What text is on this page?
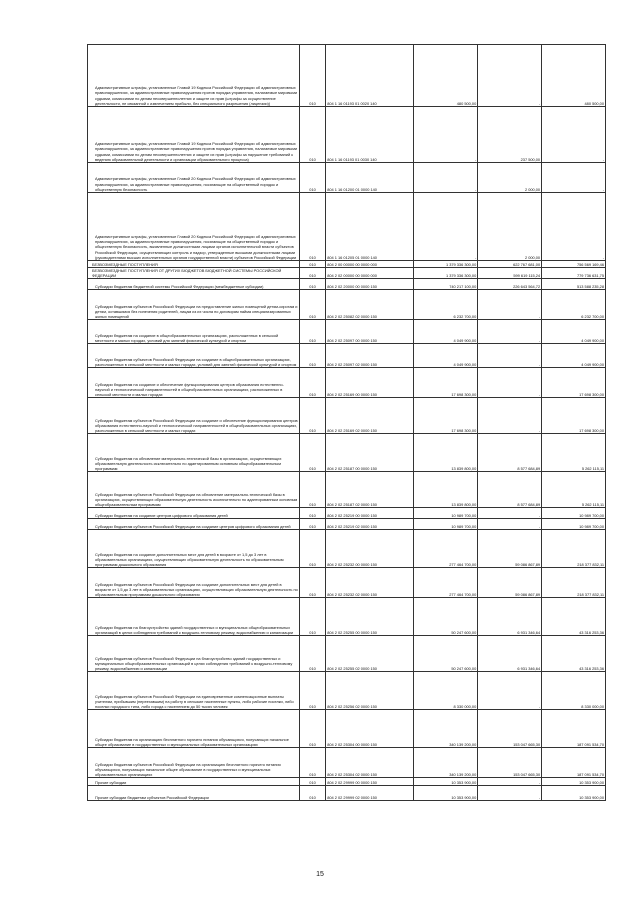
Административные штрафы, установленные Главой 19 Кодекса Российской Федерации об административных правонарушениях, за административные правонарушения против порядка управления, налагаемые мировыми судьями, комиссиями по делам несовершеннолетних и защите их прав (штрафы за осуществление деятельности, не связанной с извлечением прибыли, без специального разрешения (лицензии))	010	804 1 16 01193 01 0020 140	480 500,00	-	480 500,00

Административные штрафы, установленные Главой 19 Кодекса Российской Федерации об административных правонарушениях, за административные правонарушения против порядка управления, налагаемые мировыми судьями, комиссиями по делам несовершеннолетних и защите их прав (штрафы за нарушение требований к ведению образовательной деятельности и организации образовательного процесса)	010	804 1 16 01193 01 0030 140	-	237 500,00	-

Административные штрафы, установленные Главой 20 Кодекса Российской Федерации об административных правонарушениях, за административные правонарушения, посягающие на общественный порядок и общественную безопасность	010	804 1 16 01200 01 0000 140	-	2 000,00	-

Административные штрафы, установленные Главой 20 Кодекса Российской Федерации об административных правонарушениях, за административные правонарушения, посягающие на общественный порядок и общественную безопасность, выявленные должностными лицами органов исполнительной власти субъектов Российской Федерации, осуществляющих контроль и надзор, утвержденные высшими должностными лицами (руководителями высших исполнительных органов государственной власти) субъектов Российской Федерации	010	804 1 16 01205 01 0000 140	-	2 000,00	-

БЕЗВОЗМЕЗДНЫЕ ПОСТУПЛЕНИЯ	010	804 2 00 00000 00 0000 000	1 379 336 300,00	622 767 681,00	756 569 169,46

БЕЗВОЗМЕЗДНЫЕ ПОСТУПЛЕНИЯ ОТ ДРУГИХ БЮДЖЕТОВ БЮДЖЕТНОЙ СИСТЕМЫ РОССИЙСКОЙ ФЕДЕРАЦИИ	010	804 2 02 00000 00 0000 000	1 379 336 300,00	599 619 115,24	779 736 631,75

Субсидии бюджетам бюджетной системы Российской Федерации (межбюджетные субсидии)	010	804 2 02 20000 00 0000 150	740 217 100,00	226 643 564,72	513 588 235,28

Субсидии бюджетам субъектов Российской Федерации на предоставление жилых помещений детям-сиротам и детям, оставшимся без попечения родителей, лицам из их числа по договорам найма специализированных жилых помещений	010	804 2 02 25082 02 0000 150	6 232 700,00	-	6 232 700,00

Субсидии бюджетам на создание в общеобразовательных организациях, расположенных в сельской местности и малых городах, условий для занятий физической культурой и спортом	010	804 2 02 25097 00 0000 150	4 049 900,00	-	4 049 900,00

Субсидии бюджетам субъектов Российской Федерации на создание в общеобразовательных организациях, расположенных в сельской местности и малых городах, условий для занятий физической культурой и спортом	010	804 2 02 25097 02 0000 150	4 049 900,00	-	4 049 900,00

Субсидии бюджетам на создание и обеспечение функционирования центров образования естественно-научной и технологической направленностей в общеобразовательных организациях, расположенных в сельской местности и малых городах	010	804 2 02 25169 00 0000 150	17 698 300,00	-	17 698 300,00

Субсидии бюджетам субъектов Российской Федерации на создание и обеспечение функционирования центров образования естественно-научной и технологической направленностей в общеобразовательных организациях, расположенных в сельской местности и малых городах	010	804 2 02 25169 02 0000 150	17 698 300,00	-	17 698 300,00

Субсидии бюджетам на обновление материально-технической базы в организациях, осуществляющих образовательную деятельность исключительно по адаптированным основным общеобразовательным программам	010	804 2 02 25187 00 0000 150	13 839 800,00	8 577 684,89	5 262 115,11

Субсидии бюджетам субъектов Российской Федерации на обновление материально-технической базы в организациях, осуществляющих образовательную деятельность исключительно по адаптированным основным общеобразовательным программам	010	804 2 02 25187 02 0000 150	13 839 800,00	8 577 684,89	5 262 115,11

Субсидии бюджетам на создание центров цифрового образования детей	010	804 2 02 25219 00 0000 150	10 989 700,00	-	10 989 700,00

Субсидии бюджетам субъектов Российской Федерации на создание центров цифрового образования детей	010	804 2 02 25219 02 0000 150	10 989 700,00	-	10 989 700,00

Субсидии бюджетам на создание дополнительных мест для детей в возрасте от 1,5 до 3 лет в образовательных организациях, осуществляющих образовательную деятельность по образовательным программам дошкольного образования	010	804 2 02 25232 00 0000 150	277 464 700,00	59 086 867,89	218 377 832,11

Субсидии бюджетам субъектов Российской Федерации на создание дополнительных мест для детей в возрасте от 1,5 до 3 лет в образовательных организациях, осуществляющих образовательную деятельность по образовательным программам дошкольного образования	010	804 2 02 25232 02 0000 150	277 464 700,00	59 086 867,89	218 377 832,11

Субсидии бюджетам на благоустройство зданий государственных и муниципальных общеобразовательных организаций в целях соблюдения требований к воздушно-тепловому режиму, водоснабжению и канализации	010	804 2 02 25255 00 0000 150	50 247 600,00	6 931 346,64	43 316 253,36

Субсидии бюджетам субъектов Российской Федерации на благоустройство зданий государственных и муниципальных общеобразовательных организаций в целях соблюдения требований к воздушно-тепловому режиму, водоснабжению и канализации	010	804 2 02 25255 02 0000 150	50 247 600,00	6 931 346,64	43 316 253,36

Субсидии бюджетам субъектов Российской Федерации на единовременные компенсационные выплаты учителям, прибывшим (переехавшим) на работу в сельские населенные пункты, либо рабочие поселки, либо поселки городского типа, либо города с населением до 50 тысяч человек	010	804 2 02 25256 02 0000 150	8 330 000,00	-	8 330 000,00

Субсидии бюджетам на организацию бесплатного горячего питания обучающихся, получающих начальное общее образование в государственных и муниципальных образовательных организациях	010	804 2 02 25304 00 0000 150	340 139 200,00	153 047 665,30	187 091 534,70

Субсидии бюджетам субъектов Российской Федерации на организацию бесплатного горячего питания обучающихся, получающих начальное общее образование в государственных и муниципальных образовательных организациях	010	804 2 02 25304 02 0000 150	340 139 200,00	153 047 665,30	187 091 534,70

Прочие субсидии	010	804 2 02 29999 00 0000 150	10 353 900,00	-	10 353 900,00

Прочие субсидии бюджетам субъектов Российской Федерации	010	804 2 02 29999 02 0000 150	10 353 900,00	-	10 353 900,00
15
